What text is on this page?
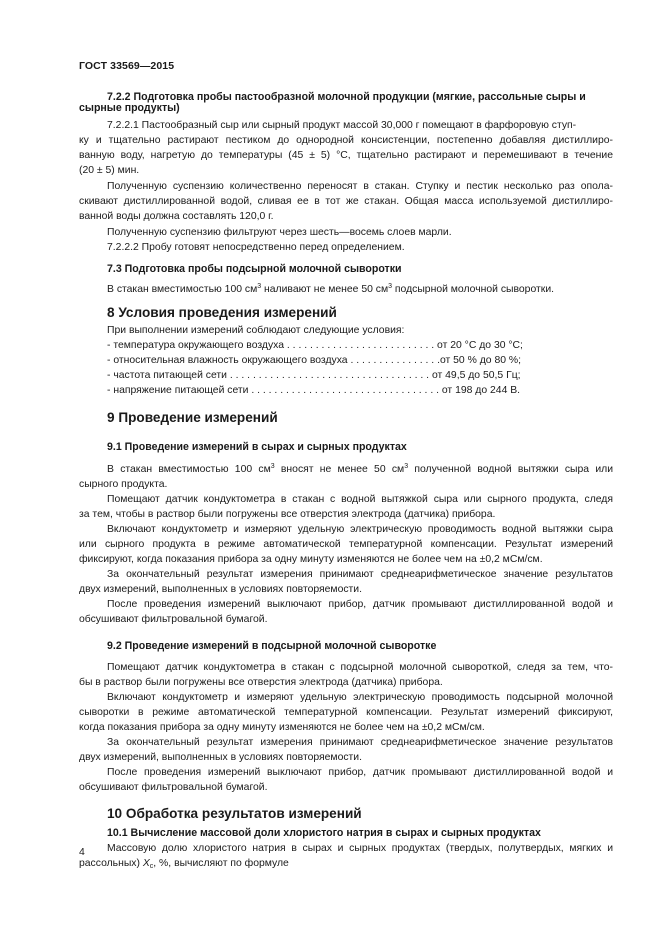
ГОСТ 33569—2015
7.2.2 Подготовка пробы пастообразной молочной продукции (мягкие, рассольные сыры и
сырные продукты)
7.2.2.1 Пастообразный сыр или сырный продукт массой 30,000 г помещают в фарфоровую ступ-
ку и тщательно растирают пестиком до однородной консистенции, постепенно добавляя дистиллиро-
ванную воду, нагретую до температуры (45 ± 5) °С, тщательно растирают и перемешивают в течение
(20 ± 5) мин.
Полученную суспензию количественно переносят в стакан. Ступку и пестик несколько раз опола-
скивают дистиллированной водой, сливая ее в тот же стакан. Общая масса используемой дистиллиро-
ванной воды должна составлять 120,0 г.
Полученную суспензию фильтруют через шесть—восемь слоев марли.
7.2.2.2 Пробу готовят непосредственно перед определением.
7.3 Подготовка пробы подсырной молочной сыворотки
В стакан вместимостью 100 $см^3$ наливают не менее 50 $см^3$ подсырной молочной сыворотки.
8 Условия проведения измерений
При выполнении измерений соблюдают следующие условия:
- температура окружающего воздуха . . . . . . . . . . . . . . . . . . . . . . . . . . от 20 °С до 30 °С;
- относительная влажность окружающего воздуха . . . . . . . . . . . . . . . .от 50 % до 80 %;
- частота питающей сети . . . . . . . . . . . . . . . . . . . . . . . . . . . . . . . . . . . от 49,5 до 50,5 Гц;
- напряжение питающей сети . . . . . . . . . . . . . . . . . . . . . . . . . . . . . . . . . от 198 до 244 В.
9 Проведение измерений
9.1 Проведение измерений в сырах и сырных продуктах
В стакан вместимостью 100 $см^3$ вносят не менее 50 $см^3$ полученной водной вытяжки сыра или
сырного продукта.
Помещают датчик кондуктометра в стакан с водной вытяжкой сыра или сырного продукта, следя
за тем, чтобы в раствор были погружены все отверстия электрода (датчика) прибора.
Включают кондуктометр и измеряют удельную электрическую проводимость водной вытяжки сыра
или сырного продукта в режиме автоматической температурной компенсации. Результат измерений
фиксируют, когда показания прибора за одну минуту изменяются не более чем на ±0,2 мСм/см.
За окончательный результат измерения принимают среднеарифметическое значение результатов
двух измерений, выполненных в условиях повторяемости.
После проведения измерений выключают прибор, датчик промывают дистиллированной водой и
обсушивают фильтровальной бумагой.
9.2 Проведение измерений в подсырной молочной сыворотке
Помещают датчик кондуктометра в стакан с подсырной молочной сывороткой, следя за тем, что-
бы в раствор были погружены все отверстия электрода (датчика) прибора.
Включают кондуктометр и измеряют удельную электрическую проводимость подсырной молочной
сыворотки в режиме автоматической температурной компенсации. Результат измерений фиксируют,
когда показания прибора за одну минуту изменяются не более чем на ±0,2 мСм/см.
За окончательный результат измерения принимают среднеарифметическое значение результатов
двух измерений, выполненных в условиях повторяемости.
После проведения измерений выключают прибор, датчик промывают дистиллированной водой и
обсушивают фильтровальной бумагой.
10 Обработка результатов измерений
10.1 Вычисление массовой доли хлористого натрия в сырах и сырных продуктах
Массовую долю хлористого натрия в сырах и сырных продуктах (твердых, полутвердых, мягких и
рассольных) $X_c$, %, вычисляют по формуле
4
